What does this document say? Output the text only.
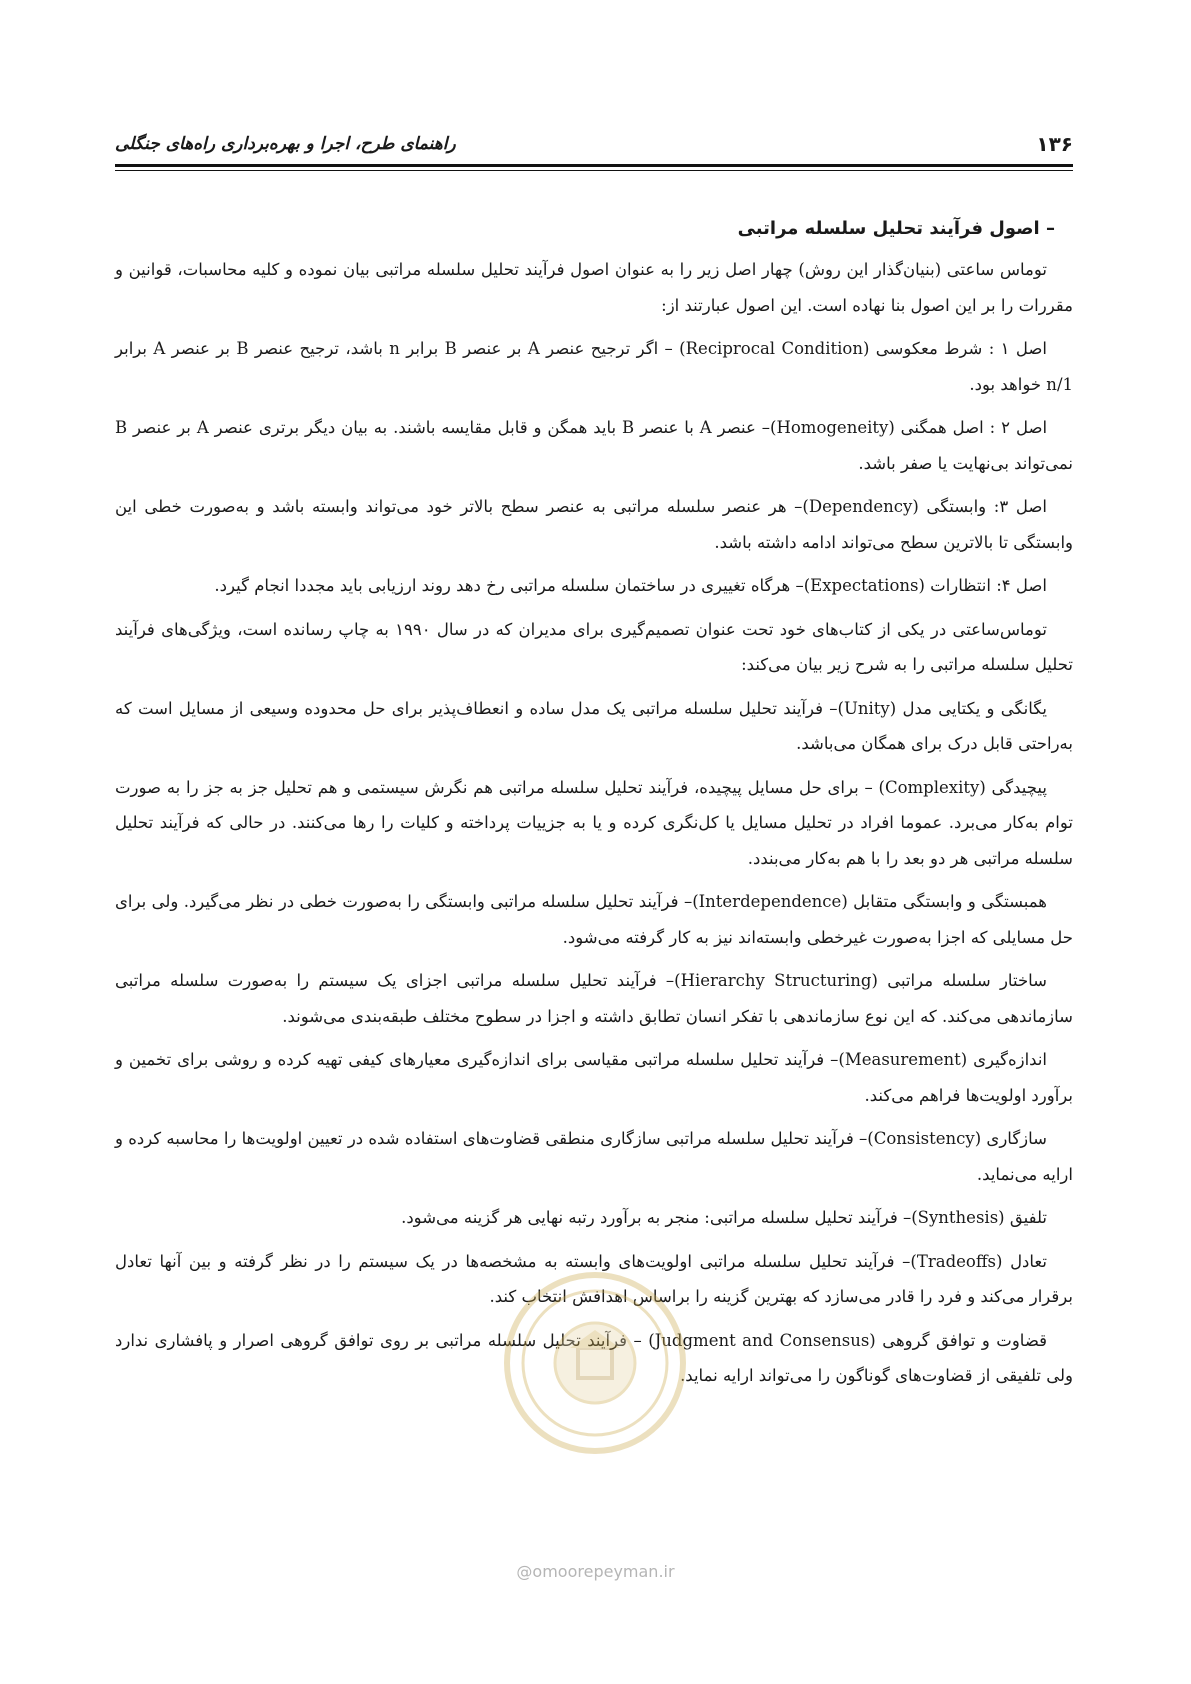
۱۳۶
راهنمای طرح، اجرا و بهره‌برداری راه‌های جنگلی
– اصول فرآیند تحلیل سلسله مراتبی

توماس ساعتی (بنیان‌گذار این روش) چهار اصل زیر را به عنوان اصول فرآیند تحلیل سلسله مراتبی بیان نموده و کلیه محاسبات، قوانین و مقررات را بر این اصول بنا نهاده است. این اصول عبارتند از:

اصل ۱ : شرط معکوسی (Reciprocal Condition) – اگر ترجیح عنصر A بر عنصر B برابر n باشد، ترجیح عنصر B بر عنصر A برابر 1/n خواهد بود.

اصل ۲ : اصل همگنی (Homogeneity)– عنصر A با عنصر B باید همگن و قابل مقایسه باشند. به بیان دیگر برتری عنصر A بر عنصر B نمی‌تواند بی‌نهایت یا صفر باشد.

اصل ۳: وابستگی (Dependency)– هر عنصر سلسله مراتبی به عنصر سطح بالاتر خود می‌تواند وابسته باشد و به‌صورت خطی این وابستگی تا بالاترین سطح می‌تواند ادامه داشته باشد.

اصل ۴: انتظارات (Expectations)– هرگاه تغییری در ساختمان سلسله مراتبی رخ دهد روند ارزیابی باید مجددا انجام گیرد.

توماس‌ساعتی در یکی از کتاب‌های خود تحت عنوان تصمیم‌گیری برای مدیران که در سال ۱۹۹۰ به چاپ رسانده است، ویژگی‌های فرآیند تحلیل سلسله مراتبی را به شرح زیر بیان می‌کند:

یگانگی و یکتایی مدل (Unity)– فرآیند تحلیل سلسله مراتبی یک مدل ساده و انعطاف‌پذیر برای حل محدوده وسیعی از مسایل است که به‌راحتی قابل درک برای همگان می‌باشد.

پیچیدگی (Complexity) – برای حل مسایل پیچیده، فرآیند تحلیل سلسله مراتبی هم نگرش سیستمی و هم تحلیل جز به جز را به صورت توام به‌کار می‌برد. عموما افراد در تحلیل مسایل یا کل‌نگری کرده و یا به جزییات پرداخته و کلیات را رها می‌کنند. در حالی که فرآیند تحلیل سلسله مراتبی هر دو بعد را با هم به‌کار می‌بندد.

همبستگی و وابستگی متقابل (Interdependence)– فرآیند تحلیل سلسله مراتبی وابستگی را به‌صورت خطی در نظر می‌گیرد. ولی برای حل مسایلی که اجزا به‌صورت غیرخطی وابسته‌اند نیز به کار گرفته می‌شود.

ساختار سلسله مراتبی (Hierarchy Structuring)– فرآیند تحلیل سلسله مراتبی اجزای یک سیستم را به‌صورت سلسله مراتبی سازماندهی می‌کند. که این نوع سازماندهی با تفکر انسان تطابق داشته و اجزا در سطوح مختلف طبقه‌بندی می‌شوند.

اندازه‌گیری (Measurement)– فرآیند تحلیل سلسله مراتبی مقیاسی برای اندازه‌گیری معیارهای کیفی تهیه کرده و روشی برای تخمین و برآورد اولویت‌ها فراهم می‌کند.

سازگاری (Consistency)– فرآیند تحلیل سلسله مراتبی سازگاری منطقی قضاوت‌های استفاده شده در تعیین اولویت‌ها را محاسبه کرده و ارایه می‌نماید.

تلفیق (Synthesis)– فرآیند تحلیل سلسله مراتبی: منجر به برآورد رتبه نهایی هر گزینه می‌شود.

تعادل (Tradeoffs)– فرآیند تحلیل سلسله مراتبی اولویت‌های وابسته به مشخصه‌ها در یک سیستم را در نظر گرفته و بین آنها تعادل برقرار می‌کند و فرد را قادر می‌سازد که بهترین گزینه را براساس اهدافش انتخاب کند.

قضاوت و توافق گروهی (Judgment and Consensus) – فرآیند تحلیل سلسله مراتبی بر روی توافق گروهی اصرار و پافشاری ندارد ولی تلفیقی از قضاوت‌های گوناگون را می‌تواند ارایه نماید.

@omoorepeyman.ir
